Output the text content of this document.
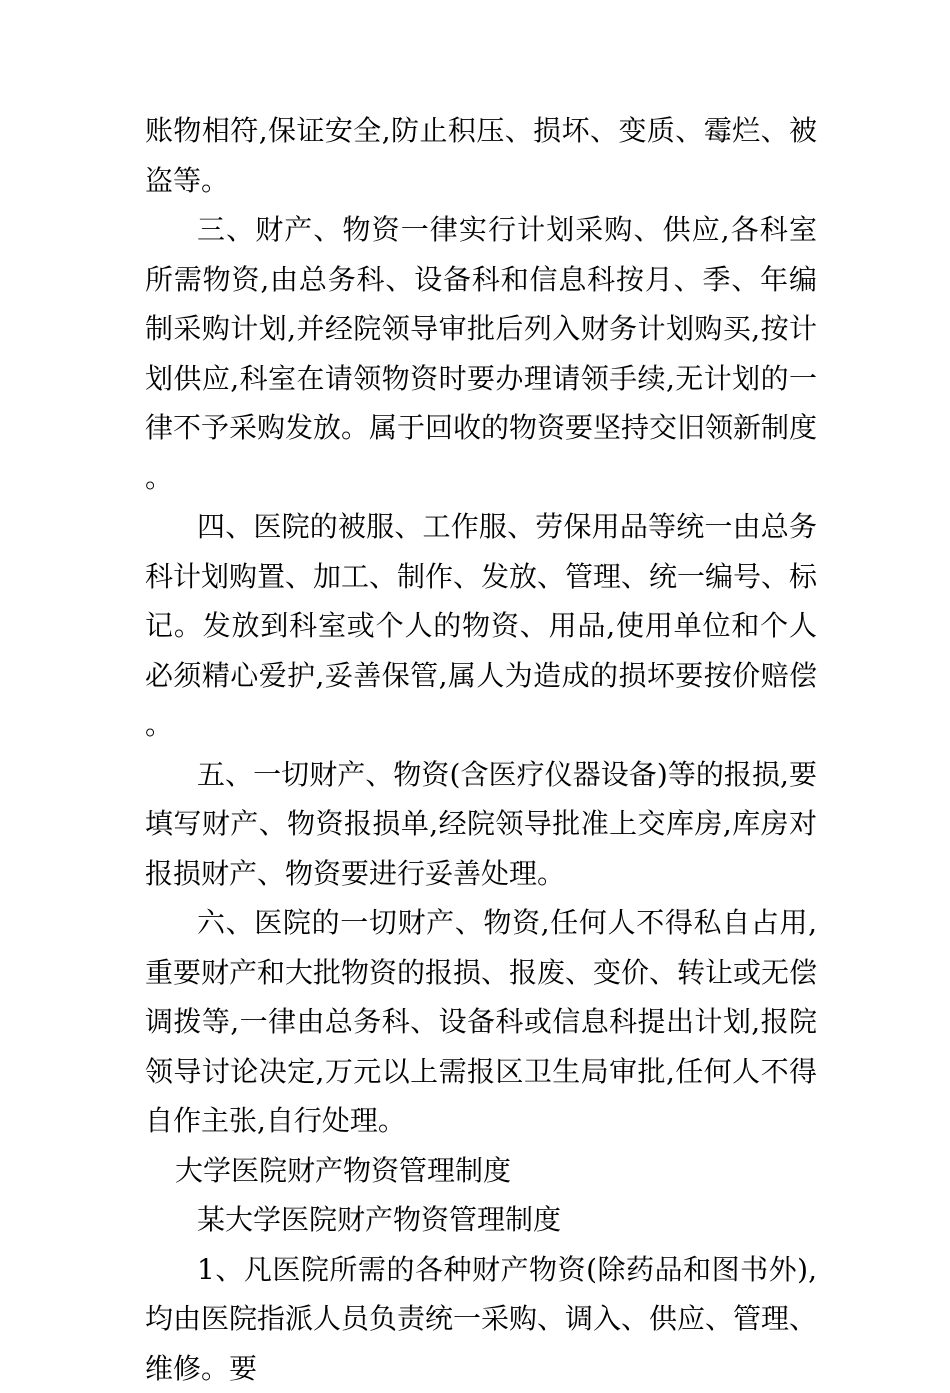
账物相符,保证安全,防止积压、损坏、变质、霉烂、被盗等。

三、财产、物资一律实行计划采购、供应,各科室所需物资,由总务科、设备科和信息科按月、季、年编制采购计划,并经院领导审批后列入财务计划购买,按计划供应,科室在请领物资时要办理请领手续,无计划的一律不予采购发放。属于回收的物资要坚持交旧领新制度。

四、医院的被服、工作服、劳保用品等统一由总务科计划购置、加工、制作、发放、管理、统一编号、标记。发放到科室或个人的物资、用品,使用单位和个人必须精心爱护,妥善保管,属人为造成的损坏要按价赔偿。

五、一切财产、物资(含医疗仪器设备)等的报损,要填写财产、物资报损单,经院领导批准上交库房,库房对报损财产、物资要进行妥善处理。

六、医院的一切财产、物资,任何人不得私自占用,重要财产和大批物资的报损、报废、变价、转让或无偿调拨等,一律由总务科、设备科或信息科提出计划,报院领导讨论决定,万元以上需报区卫生局审批,任何人不得自作主张,自行处理。

大学医院财产物资管理制度

某大学医院财产物资管理制度

1、凡医院所需的各种财产物资(除药品和图书外),均由医院指派人员负责统一采购、调入、供应、管理、维修。要
